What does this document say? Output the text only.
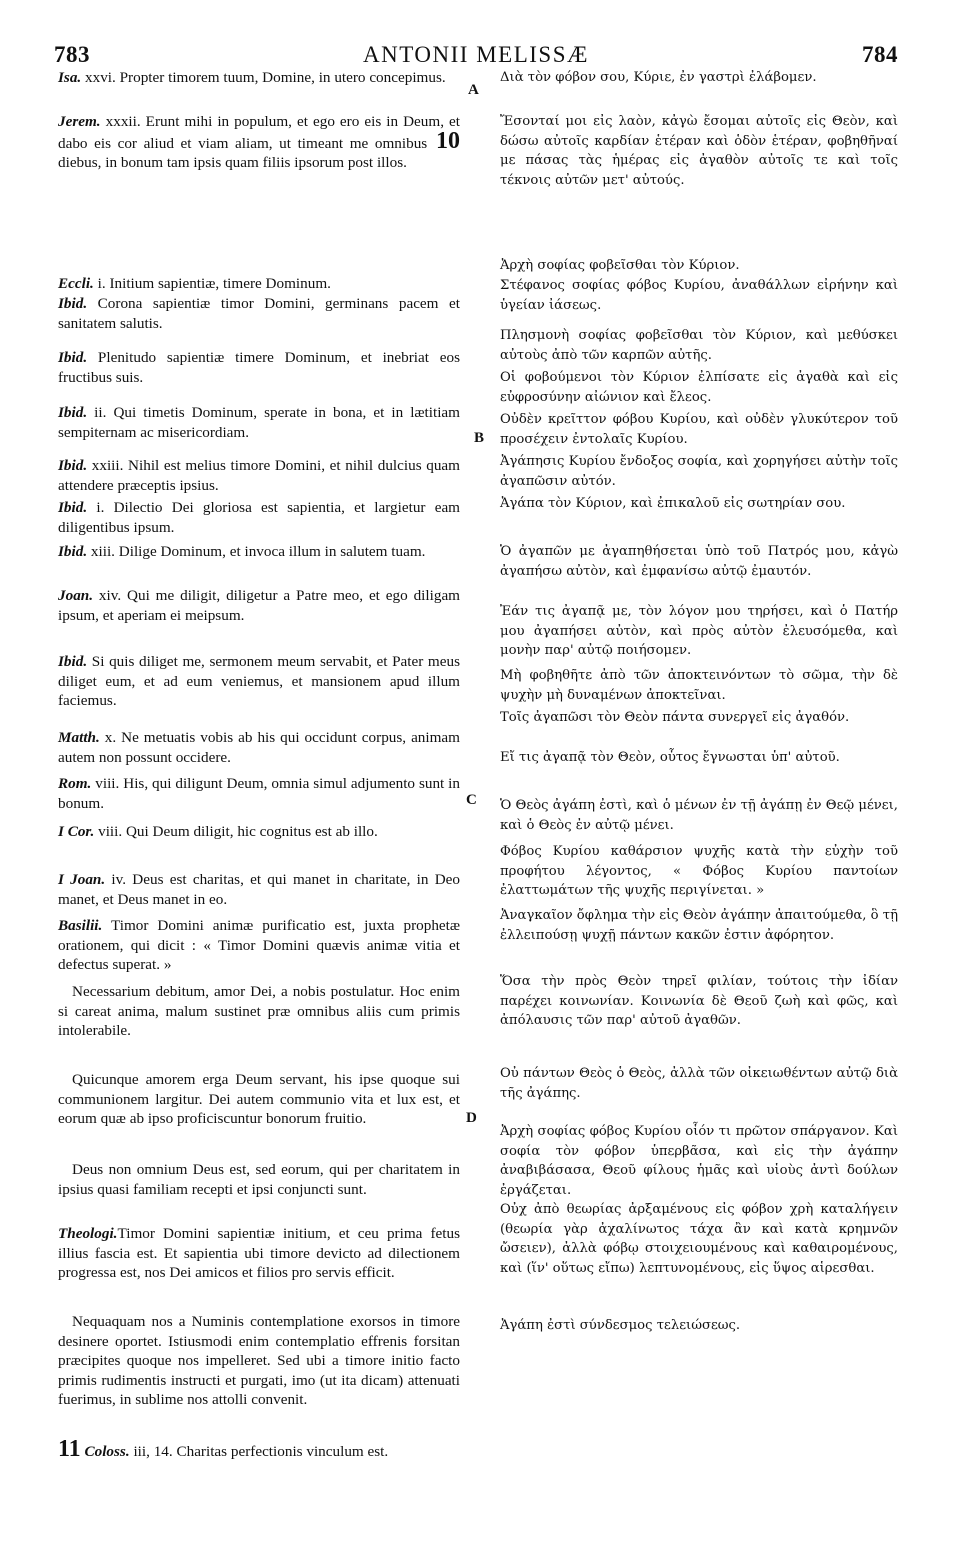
783	ANTONII MELISSÆ	784
Isa. xxvi. Propter timorem tuum, Domine, in utero concepimus.
Jerem. xxxii. Erunt mihi in populum, et ego ero eis in Deum, et dabo eis cor aliud et viam aliam, ut timeant me omnibus 10 diebus, in bonum tam ipsis quam filiis ipsorum post illos.
Eccli. i. Initium sapientiæ, timere Dominum.
Ibid. Corona sapientiæ timor Domini, germinans pacem et sanitatem salutis.
Ibid. Plenitudo sapientiæ timere Dominum, et inebriat eos fructibus suis.
Ibid. ii. Qui timetis Dominum, sperate in bona, et in lætitiam sempiternam ac misericordiam.
Ibid. xxiii. Nihil est melius timore Domini, et nihil dulcius quam attendere præceptis ipsius.
Ibid. i. Dilectio Dei gloriosa est sapientia, et largietur eam diligentibus ipsum.
Ibid. xiii. Dilige Dominum, et invoca illum in salutem tuam.
Joan. xiv. Qui me diligit, diligetur a Patre meo, et ego diligam ipsum, et aperiam ei meipsum.
Ibid. Si quis diliget me, sermonem meum servabit, et Pater meus diliget eum, et ad eum veniemus, et mansionem apud illum faciemus.
Matth. x. Ne metuatis vobis ab his qui occidunt corpus, animam autem non possunt occidere.
Rom. viii. His, qui diligunt Deum, omnia simul adjumento sunt in bonum.
I Cor. viii. Qui Deum diligit, hic cognitus est ab illo.
I Joan. iv. Deus est charitas, et qui manet in charitate, in Deo manet, et Deus manet in eo.
Basilii. Timor Domini animæ purificatio est, juxta prophetæ orationem, qui dicit : « Timor Domini quævis animæ vitia et defectus superat. »
Necessarium debitum, amor Dei, a nobis postulatur. Hoc enim si careat anima, malum sustinet præ omnibus aliis cum primis intolerabile.
Quicunque amorem erga Deum servant, his ipse quoque sui communionem largitur. Dei autem communio vita et lux est, et eorum quæ ab ipso proficiscuntur bonorum fruitio.
Deus non omnium Deus est, sed eorum, qui per charitatem in ipsius quasi familiam recepti et ipsi conjuncti sunt.
Theologi.Timor Domini sapientiæ initium, et ceu prima fetus illius fascia est. Et sapientia ubi timore devicto ad dilectionem progressa est, nos Dei amicos et filios pro servis efficit.
Nequaquam nos a Numinis contemplatione exorsos in timore desinere oportet. Istiusmodi enim contemplatio effrenis forsitan præcipites quoque nos impelleret. Sed ubi a timore initio facto primis rudimentis instructi et purgati, imo (ut ita dicam) attenuati fuerimus, in sublime nos attolli convenit.
11 Coloss. iii, 14. Charitas perfectionis vinculum est.
Διὰ τὸν φόβον σου, Κύριε, ἐν γαστρὶ ἐλάβομεν.
Ἔσονταί μοι εἰς λαὸν, κἀγὼ ἔσομαι αὐτοῖς εἰς Θεὸν, καὶ δώσω αὐτοῖς καρδίαν ἑτέραν καὶ ὁδὸν ἑτέραν, φοβηθῆναί με πάσας τὰς ἡμέρας εἰς ἀγαθὸν αὐτοῖς τε καὶ τοῖς τέκνοις αὐτῶν μετ' αὐτούς.
Ἀρχὴ σοφίας φοβεῖσθαι τὸν Κύριον.
Στέφανος σοφίας φόβος Κυρίου, ἀναθάλλων εἰρήνην καὶ ὑγείαν ἰάσεως.
Πλησμονὴ σοφίας φοβεῖσθαι τὸν Κύριον, καὶ μεθύσκει αὐτοὺς ἀπὸ τῶν καρπῶν αὐτῆς.
Οἱ φοβούμενοι τὸν Κύριον ἐλπίσατε εἰς ἀγαθὰ καὶ εἰς εὐφροσύνην αἰώνιον καὶ ἔλεος.
Οὐδὲν κρεῖττον φόβου Κυρίου, καὶ οὐδὲν γλυκύτερον τοῦ προσέχειν ἐντολαῖς Κυρίου.
Ἀγάπησις Κυρίου ἔνδοξος σοφία, καὶ χορηγήσει αὐτὴν τοῖς ἀγαπῶσιν αὐτόν.
Ἀγάπα τὸν Κύριον, καὶ ἐπικαλοῦ εἰς σωτηρίαν σου.
Ὁ ἀγαπῶν με ἀγαπηθήσεται ὑπὸ τοῦ Πατρός μου, κἀγὼ ἀγαπήσω αὐτὸν, καὶ ἐμφανίσω αὐτῷ ἐμαυτόν.
Ἐάν τις ἀγαπᾷ με, τὸν λόγον μου τηρήσει, καὶ ὁ Πατήρ μου ἀγαπήσει αὐτὸν, καὶ πρὸς αὐτὸν ἐλευσόμεθα, καὶ μονὴν παρ' αὐτῷ ποιήσομεν.
Μὴ φοβηθῆτε ἀπὸ τῶν ἀποκτεινόντων τὸ σῶμα, τὴν δὲ ψυχὴν μὴ δυναμένων ἀποκτεῖναι.
Τοῖς ἀγαπῶσι τὸν Θεὸν πάντα συνεργεῖ εἰς ἀγαθόν.
Εἴ τις ἀγαπᾷ τὸν Θεὸν, οὗτος ἔγνωσται ὑπ' αὐτοῦ.
Ὁ Θεὸς ἀγάπη ἐστὶ, καὶ ὁ μένων ἐν τῇ ἀγάπῃ ἐν Θεῷ μένει, καὶ ὁ Θεὸς ἐν αὐτῷ μένει.
Φόβος Κυρίου καθάρσιον ψυχῆς κατὰ τὴν εὐχὴν τοῦ προφήτου λέγοντος, « Φόβος Κυρίου παντοίων ἐλαττωμάτων τῆς ψυχῆς περιγίνεται. »
Ἀναγκαῖον ὄφλημα τὴν εἰς Θεὸν ἀγάπην ἀπαιτούμεθα, ὃ τῇ ἐλλειπούσῃ ψυχῇ πάντων κακῶν ἐστιν ἀφόρητον.
Ὅσα τὴν πρὸς Θεὸν τηρεῖ φιλίαν, τούτοις τὴν ἰδίαν παρέχει κοινωνίαν. Κοινωνία δὲ Θεοῦ ζωὴ καὶ φῶς, καὶ ἀπόλαυσις τῶν παρ' αὐτοῦ ἀγαθῶν.
Οὐ πάντων Θεὸς ὁ Θεὸς, ἀλλὰ τῶν οἰκειωθέντων αὐτῷ διὰ τῆς ἀγάπης.
Ἀρχὴ σοφίας φόβος Κυρίου οἷόν τι πρῶτον σπάργανον. Καὶ σοφία τὸν φόβον ὑπερβᾶσα, καὶ εἰς τὴν ἀγάπην ἀναβιβάσασα, Θεοῦ φίλους ἡμᾶς καὶ υἱοὺς ἀντὶ δούλων ἐργάζεται.
Οὐχ ἀπὸ θεωρίας ἀρξαμένους εἰς φόβον χρὴ καταλήγειν (θεωρία γὰρ ἀχαλίνωτος τάχα ἂν καὶ κατὰ κρημνῶν ὤσειεν), ἀλλὰ φόβῳ στοιχειουμένους καὶ καθαιρομένους, καὶ (ἵν' οὕτως εἴπω) λεπτυνομένους, εἰς ὕψος αἱρεσθαι.
Ἀγάπη ἐστὶ σύνδεσμος τελειώσεως.
A
B
C
D
